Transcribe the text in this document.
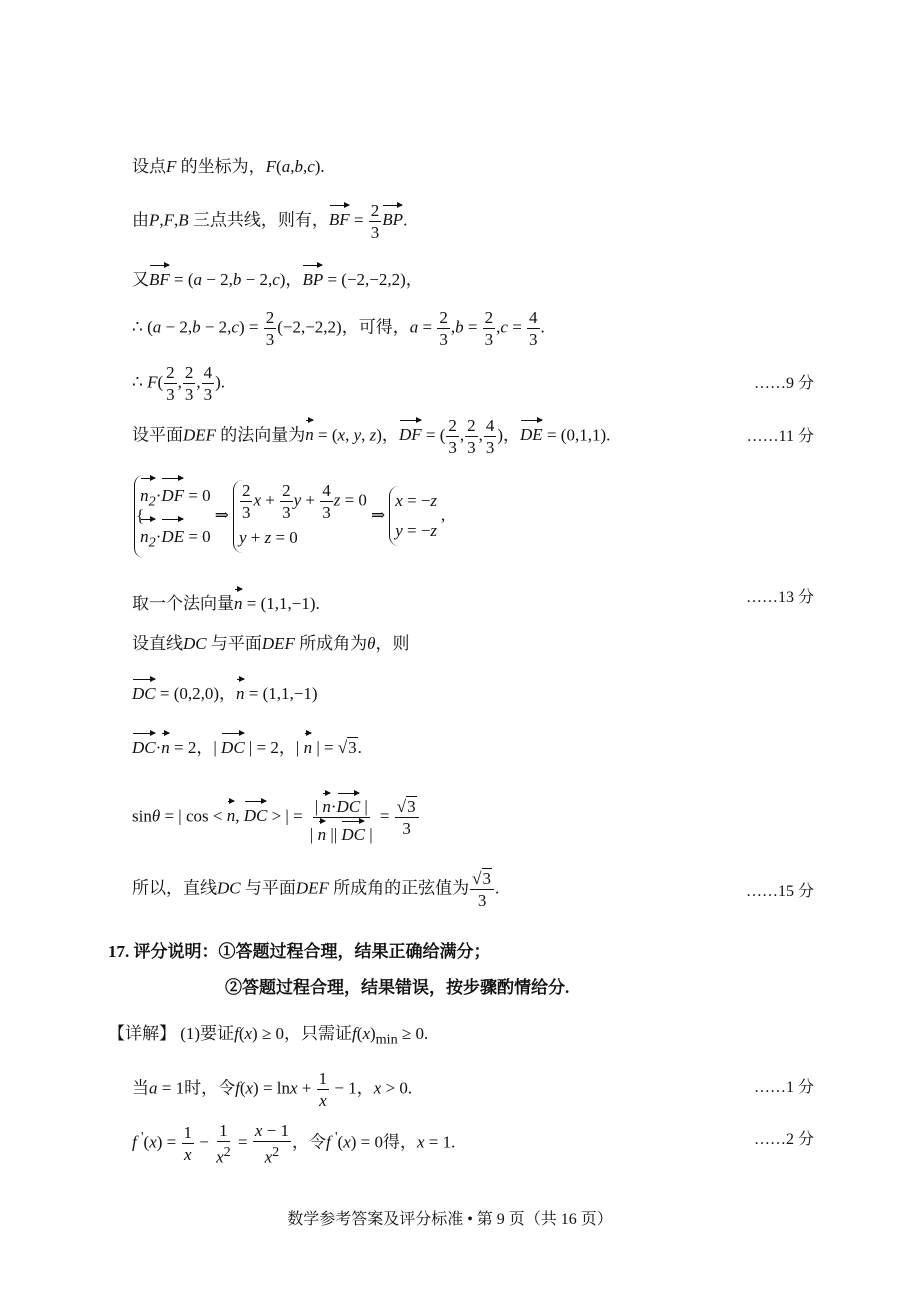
设点F 的坐标为，F(a,b,c).
由P,F,B 三点共线，则有，BF = $\frac{2}{3}$ BP.
又BF = (a − 2,b − 2,c)，BP = (−2,−2,2)，
∴ $(a - 2,b - 2,c) = \frac{2}{3} (-2,-2,2)$，可得，$a = \frac{2}{3} ,b = \frac{2}{3} ,c = \frac{4}{3}$ .
∴ $F( \frac{2}{3}$ , $\frac{2}{3}$ , $\frac{4}{3}$ ).	……9 分
设平面DEF 的法向量为n = (x, y, z)，DF = ( $\frac{2}{3}$ , $\frac{2}{3}$ , $\frac{4}{3}$ )，DE = (0,1,1).	……11 分
{
$n_2\cdot DF = 0$
$n_2\cdot DE = 0$
⇒ $\frac{2}{3}$ $x + \frac{2}{3}$ $y + \frac{4}{3}$ z = 0
y + z = 0
⇒
x = −z
y = −z
,
取一个法向量n = (1,1,−1).	……13 分
设直线DC 与平面DEF 所成角为θ，则
DC = (0,2,0)，n = (1,1,−1)
DC·n = 2，| DC | = 2，| n | = √3.
sinθ = | cos < n, DC > | = $\frac{| n\cdot DC |}{| n || DC |} = \frac{√3}{3}$
所以，直线DC 与平面DEF 所成角的正弦值为 $\frac{√3}{3}$ .	……15 分
17. 评分说明：①答题过程合理，结果正确给满分；
②答题过程合理，结果错误，按步骤酌情给分.
【详解】 (1)要证f(x) ≥ 0，只需证$f(x)_{min} \ge 0$.
当a = 1时，令$f(x) = \ln x + \frac{1}{x} - 1$，x > 0.	……1 分
f $'(x) = \frac{1}{x} - \frac{1}{x^2} = \frac{x - 1}{x^2}$ ，令f '(x) = 0得，x = 1.	……2 分
数学参考答案及评分标准 • 第 9 页（共 16 页）
